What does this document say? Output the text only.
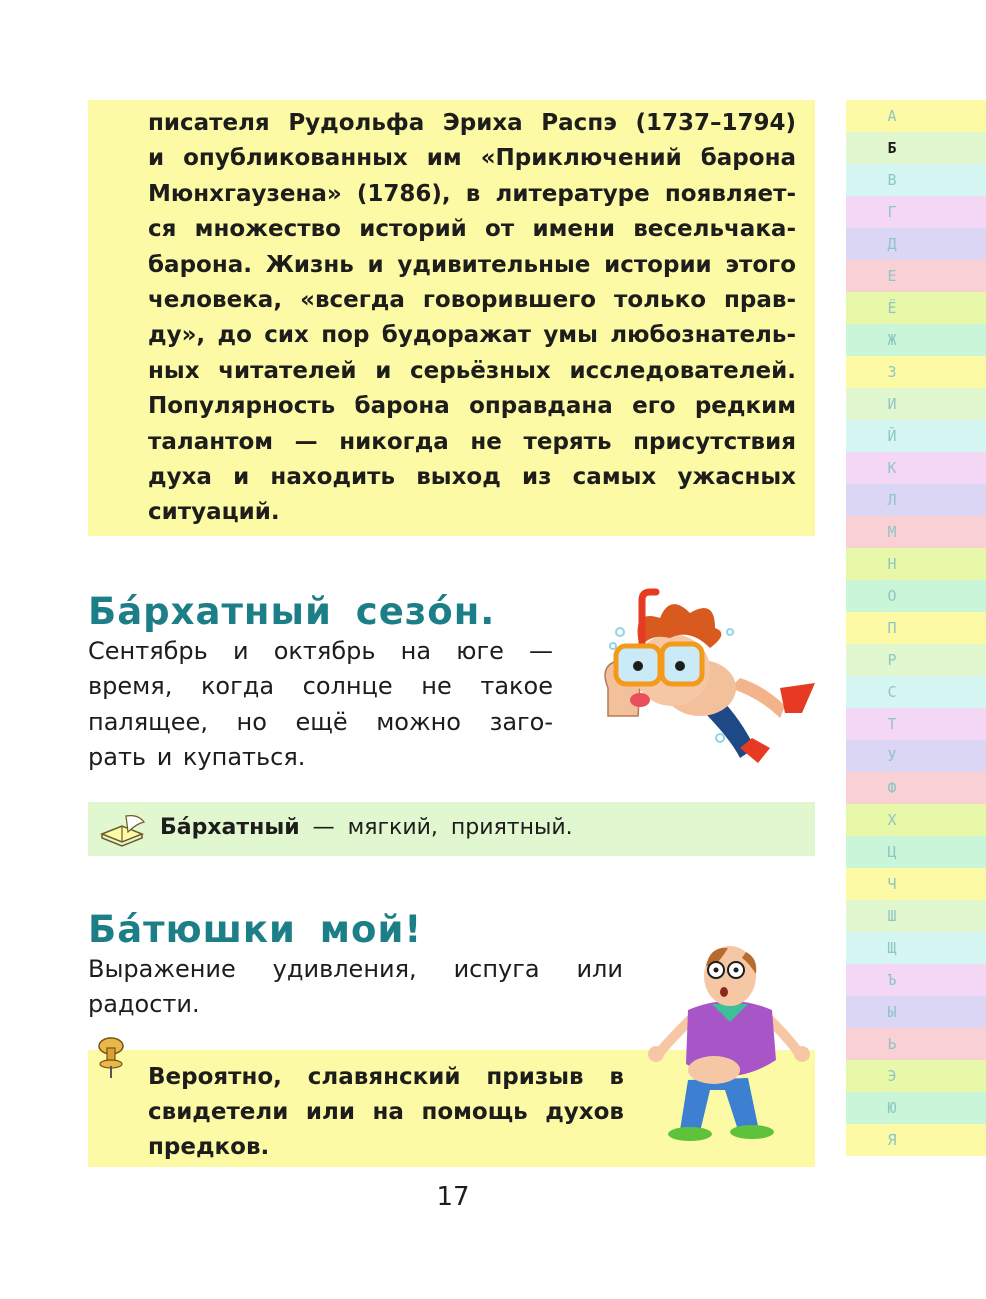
писателя Рудольфа Эриха Распэ (1737–1794)
и опубликованных им «Приключений барона
Мюнхгаузена» (1786), в литературе появляет-
ся множество историй от имени весельчака-
барона. Жизнь и удивительные истории этого
человека, «всегда говорившего только прав-
ду», до сих пор будоражат умы любознатель-
ных читателей и серьёзных исследователей.
Популярность барона оправдана его редким
талантом — никогда не терять присутствия
духа и находить выход из самых ужасных
ситуаций.
Ба́рхатный сезо́н.
Сентябрь и октябрь на юге —
время, когда солнце не такое
палящее, но ещё можно заго-
рать и купаться.
Ба́рхатный — мягкий, приятный.
Ба́тюшки мой!
Выражение удивления, испуга или
радости.
Вероятно, славянский призыв в
свидетели или на помощь духов
предков.
17
А
Б
В
Г
Д
Е
Ё
Ж
З
И
Й
К
Л
М
Н
О
П
Р
С
Т
У
Ф
Х
Ц
Ч
Ш
Щ
Ъ
Ы
Ь
Э
Ю
Я
